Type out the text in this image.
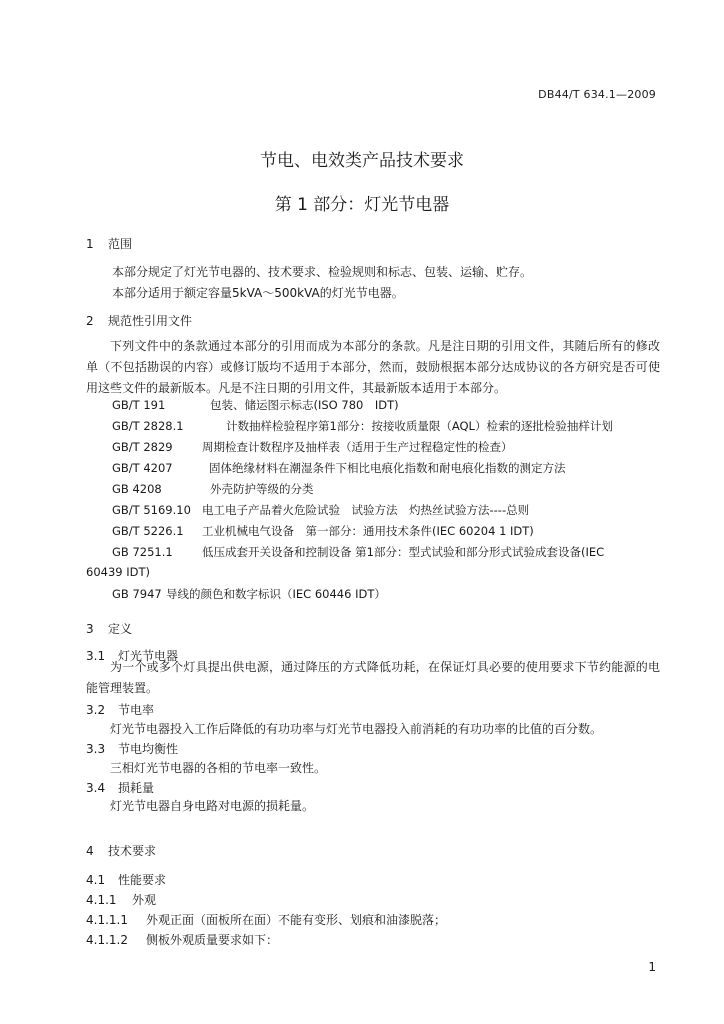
DB44/T 634.1—2009
节电、电效类产品技术要求
第 1 部分：灯光节电器
1 范围
本部分规定了灯光节电器的、技术要求、检验规则和标志、包装、运输、贮存。
本部分适用于额定容量5kVA～500kVA的灯光节电器。
2 规范性引用文件
下列文件中的条款通过本部分的引用而成为本部分的条款。凡是注日期的引用文件，其随后所有的修改单（不包括勘误的内容）或修订版均不适用于本部分，然而，鼓励根据本部分达成协议的各方研究是否可使用这些文件的最新版本。凡是不注日期的引用文件，其最新版本适用于本部分。
GB/T 191	包装、储运图示标志(ISO 780　IDT)
GB/T 2828.1	计数抽样检验程序第1部分：按接收质量限（AQL）检索的逐批检验抽样计划
GB/T 2829	周期检查计数程序及抽样表（适用于生产过程稳定性的检查）
GB/T 4207	固体绝缘材料在潮湿条件下相比电痕化指数和耐电痕化指数的测定方法
GB 4208	外壳防护等级的分类
GB/T 5169.10 电工电子产品着火危险试验　试验方法　灼热丝试验方法----总则
GB/T 5226.1 工业机械电气设备　第一部分：通用技术条件(IEC 60204 1 IDT)
GB 7251.1	低压成套开关设备和控制设备 第1部分：型式试验和部分形式试验成套设备(IEC
60439 IDT)
GB 7947 导线的颜色和数字标识（IEC 60446 IDT）
3 定义
3.1 灯光节电器
为一个或多个灯具提出供电源，通过降压的方式降低功耗，在保证灯具必要的使用要求下节约能源的电能管理装置。
3.2 节电率
灯光节电器投入工作后降低的有功功率与灯光节电器投入前消耗的有功功率的比值的百分数。
3.3 节电均衡性
三相灯光节电器的各相的节电率一致性。
3.4 损耗量
灯光节电器自身电路对电源的损耗量。
4 技术要求
4.1 性能要求
4.1.1 外观
4.1.1.1 外观正面（面板所在面）不能有变形、划痕和油漆脱落；
4.1.1.2 侧板外观质量要求如下：
1
